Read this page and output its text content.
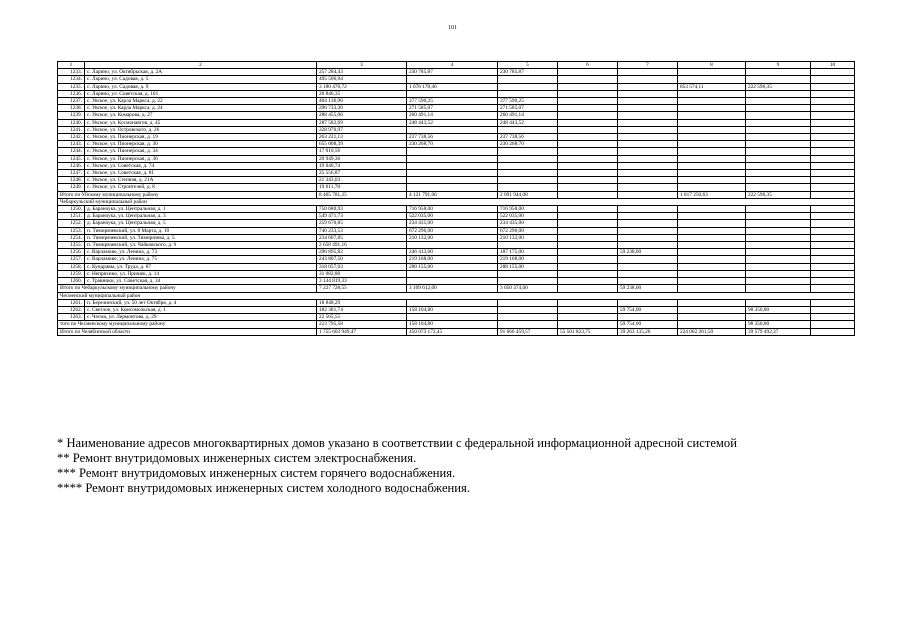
101
1	2	3	4	5	6	7	8	9	10
1233.	с. Ларино, ул. Октябрьская, д. 2А	257 284,43	230 785,87	230 785,87					
1234.	с. Ларино, ул. Садовая, д. 5	495 506,94							
1235.	с. Ларино, ул. Садовая, д. 9	3 180 470,72	1 076 170,46				853 574,11	222 596,35	
1236.	с. Ларино, ул. Советская, д. 101	20 846,35							
1237.	с. Увское, ул. Карла Маркса, д. 22	404 136,96	377 590,25	377 590,25					
1238.	с. Увское, ул. Карла Маркса, д. 24	296 733,30	271 585,07	271 585,07					
1239.	с. Увское, ул. Комарова, д. 27	288 455,06	260 491,14	260 491,14					
1240.	с. Увское, ул. Космонавтов, д. 45	287 582,69	248 443,52	248 443,52					
1241.	с. Увское, ул. Островского, д. 26	328 970,97							
1242.	с. Увское, ул. Пионерская, д. 19	263 221,13	237 738,56	237 738,56					
1243.	с. Увское, ул. Пионерская, д. 30	655 008,39	230 268,70	230 268,70					
1244.	с. Увское, ул. Пионерская, д. 34	17 010,56							
1245.	с. Увское, ул. Пионерская, д. 36	20 949,36							
1246.	с. Увское, ул. Советская, д. 74	19 046,74							
1247.	с. Увское, ул. Советская, д. 81	25 556,87							
1248.	с. Увское, ул. Степная, д. 21А	21 343,03							
1249.	с. Увское, ул. Строителей, д. 8	19 611,78							
Итого по Уйскому муниципальному району		8 465 781,25	4 131 791,06	2 091 944,08			1 817 250,63	222 596,35	
Чебаркульский муниципальный район									
1250.	д. Бараноука, ул. Центральная, д. 1	750 680,93	716 958,00	716 958,00					
1251.	д. Бараноука, ул. Центральная, д. 3	549 471,73	522 035,00	522 035,00					
1252.	д. Бараноука, ул. Центральная, д. 5	259 670,85	234 435,00	234 435,00					
1253.	п. Тимирязевский, ул. 8 Марта, д. 10	740 233,53	672 296,00	672 296,00					
1254.	п. Тимирязевский, ул. Тимирязева, д. 5	234 607,85	210 132,00	210 132,00					
1255.	п. Тимирязевский, ул. Чайковского, д. 9	2 658 491,16							
1256.	с. Варламово, ул. Ленина, д. 73	296 895,82	246 413,00	187 175,00		59 238,00			
1257.	с. Варламово, ул. Ленина, д. 75	243 807,50	219 168,00	219 168,00					
1258.	с. Кундравы, ул. Труда, д. 87	318 057,03	288 155,00	288 155,00					
1259.	с. Непряхино, ул. Пришек, д. 14	31 082,80							
1260.	с. Травники, ул. Советская, д. 34	3 144 819,33							
Итого по Чебаркульскому муниципальному району		7 227 728,55	3 109 612,00	3 050 374,00		59 238,00			
Чесменский муниципальный район									
1261.	п. Березинский, ул. 50 лет Октября, д. 4	18 848,29							
1262.	с. Светлое, ул. Комсомольская, д. 1	182 381,74	158 104,80			59 754,00		98 350,80	
1263.	с. Чесма, ул. Лермонтова, д. 29	22 565,55							
того по Чесменскому муниципальному району		223 795,58	158 104,80			59 754,00		98 350,80	
Итого по Челябинской области		1 755 603 949,47	450 073 172,45	91 666 459,57	55 501 823,75	39 263 135,26	224 062 261,50	39 579 492,37	

* Наименование адресов многоквартирных домов указано в соответствии с федеральной информационной адресной системой

** Ремонт внутридомовых инженерных систем электроснабжения.

*** Ремонт внутридомовых инженерных систем горячего водоснабжения.

**** Ремонт внутридомовых инженерных систем холодного водоснабжения.
